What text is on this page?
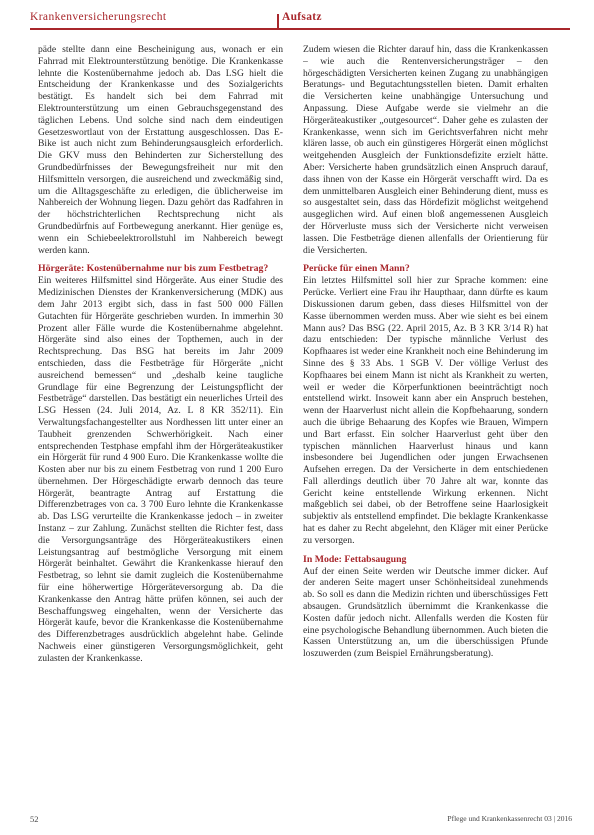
Krankenversicherungsrecht	Aufsatz

päde stellte dann eine Bescheinigung aus, wonach er ein Fahrrad mit Elektrounterstützung benötige. Die Krankenkasse lehnte die Kostenübernahme jedoch ab. Das LSG hielt die Entscheidung der Krankenkasse und des Sozialgerichts bestätigt. Es handelt sich bei dem Fahrrad mit Elektrounterstützung um einen Gebrauchsgegenstand des täglichen Lebens. Und solche sind nach dem eindeutigen Gesetzeswortlaut von der Erstattung ausgeschlossen. Das E-Bike ist auch nicht zum Behinderungsausgleich erforderlich. Die GKV muss den Behinderten zur Sicherstellung des Grundbedürfnisses der Bewegungsfreiheit nur mit den Hilfsmitteln versorgen, die ausreichend und zweckmäßig sind, um die Alltagsgeschäfte zu erledigen, die üblicherweise im Nahbereich der Wohnung liegen. Dazu gehört das Radfahren in der höchstrichterlichen Rechtsprechung nicht als Grundbedürfnis auf Fortbewegung anerkannt. Hier genüge es, wenn ein Schiebeelektrorollstuhl im Nahbereich bewegt werden kann.

Hörgeräte: Kostenübernahme nur bis zum Festbetrag?

Ein weiteres Hilfsmittel sind Hörgeräte. Aus einer Studie des Medizinischen Dienstes der Krankenversicherung (MDK) aus dem Jahr 2013 ergibt sich, dass in fast 500 000 Fällen Gutachten für Hörgeräte geschrieben wurden. In immerhin 30 Prozent aller Fälle wurde die Kostenübernahme abgelehnt. Hörgeräte sind also eines der Topthemen, auch in der Rechtsprechung. Das BSG hat bereits im Jahr 2009 entschieden, dass die Festbeträge für Hörgeräte „nicht ausreichend bemessen“ und „deshalb keine taugliche Grundlage für eine Begrenzung der Leistungspflicht der Festbeträge“ darstellen. Das bestätigt ein neuerliches Urteil des LSG Hessen (24. Juli 2014, Az. L 8 KR 352/11). Ein Verwaltungsfachangestellter aus Nordhessen litt unter einer an Taubheit grenzenden Schwerhörigkeit. Nach einer entsprechenden Testphase empfahl ihm der Hörgeräteakustiker ein Hörgerät für rund 4 900 Euro. Die Krankenkasse wollte die Kosten aber nur bis zu einem Festbetrag von rund 1 200 Euro übernehmen. Der Hörgeschädigte erwarb dennoch das teure Hörgerät, beantragte Antrag auf Erstattung die Differenzbetrages von ca. 3 700 Euro lehnte die Krankenkasse ab. Das LSG verurteilte die Krankenkasse jedoch – in zweiter Instanz – zur Zahlung. Zunächst stellten die Richter fest, dass die Versorgungsanträge des Hörgeräteakustikers einen Leistungsantrag auf bestmögliche Versorgung mit einem Hörgerät beinhaltet. Gewährt die Krankenkasse hierauf den Festbetrag, so lehnt sie damit zugleich die Kostenübernahme für eine höherwertige Hörgeräteversorgung ab. Da die Krankenkasse den Antrag hätte prüfen können, sei auch der Beschaffungsweg eingehalten, wenn der Versicherte das Hörgerät kaufe, bevor die Krankenkasse die Kostenübernahme des Differenzbetrages ausdrücklich abgelehnt habe. Gelinde Nachweis einer günstigeren Versorgungsmöglichkeit, geht zulasten der Krankenkasse.

Zudem wiesen die Richter darauf hin, dass die Krankenkassen – wie auch die Rentenversicherungsträger – den hörgeschädigten Versicherten keinen Zugang zu unabhängigen Beratungs- und Begutachtungsstellen bieten. Damit erhalten die Versicherten keine unabhängige Untersuchung und Anpassung. Diese Aufgabe werde sie vielmehr an die Hörgeräteakustiker „outgesourcet“. Daher gehe es zulasten der Krankenkasse, wenn sich im Gerichtsverfahren nicht mehr klären lasse, ob auch ein günstigeres Hörgerät einen möglichst weitgehenden Ausgleich der Funktionsdefizite erzielt hätte. Aber: Versicherte haben grundsätzlich einen Anspruch darauf, dass ihnen von der Kasse ein Hörgerät verschafft wird. Da es dem unmittelbaren Ausgleich einer Behinderung dient, muss es so ausgestaltet sein, dass das Hördefizit möglichst weitgehend ausgeglichen wird. Auf einen bloß angemessenen Ausgleich der Hörverluste muss sich der Versicherte nicht verweisen lassen. Die Festbeträge dienen allenfalls der Orientierung für die Versicherten.

Perücke für einen Mann?

Ein letztes Hilfsmittel soll hier zur Sprache kommen: eine Perücke. Verliert eine Frau ihr Haupthaar, dann dürfte es kaum Diskussionen darum geben, dass dieses Hilfsmittel von der Kasse übernommen werden muss. Aber wie sieht es bei einem Mann aus? Das BSG (22. April 2015, Az. B 3 KR 3/14 R) hat dazu entschieden: Der typische männliche Verlust des Kopfhaares ist weder eine Krankheit noch eine Behinderung im Sinne des § 33 Abs. 1 SGB V. Der völlige Verlust des Kopfhaares bei einem Mann ist nicht als Krankheit zu werten, weil er weder die Körperfunktionen beeinträchtigt noch entstellend wirkt. Insoweit kann aber ein Anspruch bestehen, wenn der Haarverlust nicht allein die Kopfbehaarung, sondern auch die übrige Behaarung des Kopfes wie Brauen, Wimpern und Bart erfasst. Ein solcher Haarverlust geht über den typischen männlichen Haarverlust hinaus und kann insbesondere bei Jugendlichen oder jungen Erwachsenen Aufsehen erregen. Da der Versicherte in dem entschiedenen Fall allerdings deutlich über 70 Jahre alt war, konnte das Gericht keine entstellende Wirkung erkennen. Nicht maßgeblich sei dabei, ob der Betroffene seine Haarlosigkeit subjektiv als entstellend empfindet. Die beklagte Krankenkasse hat es daher zu Recht abgelehnt, den Kläger mit einer Perücke zu versorgen.

In Mode: Fettabsaugung

Auf der einen Seite werden wir Deutsche immer dicker. Auf der anderen Seite magert unser Schönheitsideal zunehmends ab. So soll es dann die Medizin richten und überschüssiges Fett absaugen. Grundsätzlich übernimmt die Krankenkasse die Kosten dafür jedoch nicht. Allenfalls werden die Kosten für eine psychologische Behandlung übernommen. Auch bieten die Kassen Unterstützung an, um die überschüssigen Pfunde loszuwerden (zum Beispiel Ernährungsberatung).

52	Pflege und Krankenkassenrecht 03 | 2016
